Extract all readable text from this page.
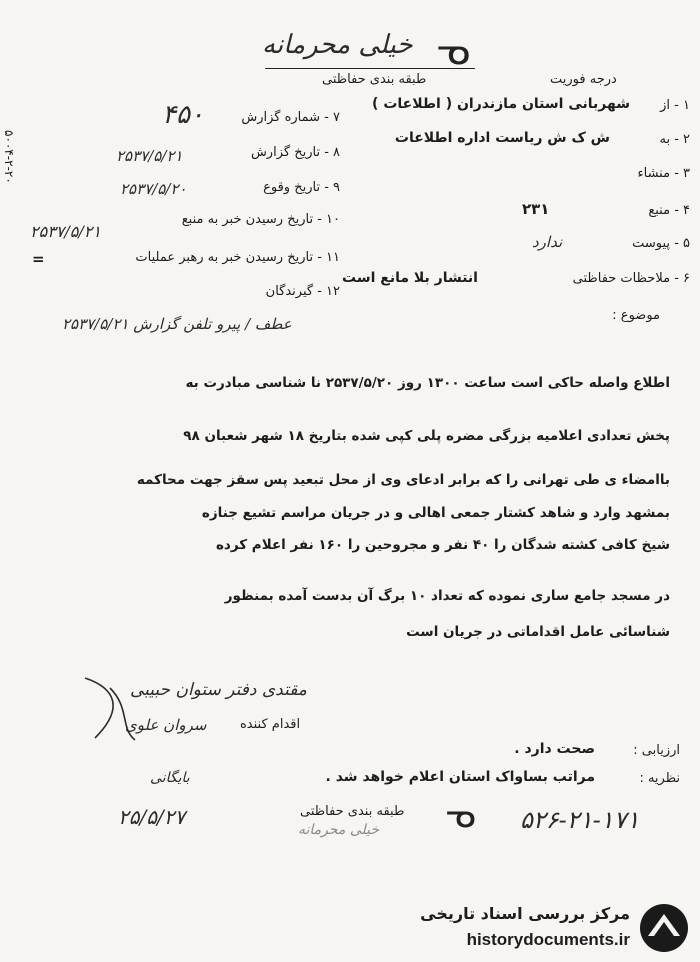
خیلی محرمانه ᓀ
طبقه بندی حفاظتی	درجه فوریت
۵۰۰۴-۲-۲۰
۱ - از
شهربانی استان مازندران ( اطلاعات )
۲ - به
ش ک ش ریاست اداره اطلاعات
۳ - منشاء
۴ - منبع
۲۳۱
۵ - پیوست
ندارد
۶ - ملاحظات حفاظتی
انتشار بلا مانع است
۷ - شماره گزارش
۴۵۰
۸ - تاریخ گزارش
۲۵۳۷/۵/۲۱
۹ - تاریخ وقوع
۲۵۳۷/۵/۲۰
۱۰ - تاریخ رسیدن خبر به منبع
۲۵۳۷/۵/۲۱
۱۱ - تاریخ رسیدن خبر به رهبر عملیات
=
۱۲ - گیرندگان
موضوع :
عطف / پیرو تلفن گزارش ۲۵۳۷/۵/۲۱
اطلاع واصله حاکی است ساعت ۱۳۰۰ روز ۲۵۳۷/۵/۲۰ نا شناسی مبادرت به
پخش تعدادی اعلامیه بزرگی مضره پلی کپی شده بتاریخ ۱۸ شهر شعبان ۹۸
باامضاء ی طی تهرانی را که برابر ادعای وی از محل تبعید پس سقز جهت محاکمه
بمشهد وارد و شاهد کشتار جمعی اهالی و در جریان مراسم تشیع جنازه
شیخ کافی کشته شدگان را ۴۰ نفر و مجروحین را ۱۶۰ نفر اعلام کرده
در مسجد جامع ساری نموده که تعداد ۱۰ برگ آن بدست آمده بمنظور
شناسائی عامل اقداماتی در جریان است
مقتدی دفتر ستوان حبیبی
اقدام کننده
سروان علوی
ارزیابی :
صحت دارد .
نظریه :
مراتب بساواک استان اعلام خواهد شد .
بایگانی
۲۵/۵/۲۷	طبقه بندی حفاظتی
خیلی محرمانه ᓀ ۵۲۶-۲۱-۱۷۱
مرکز بررسی اسناد تاریخی
historydocuments.ir
